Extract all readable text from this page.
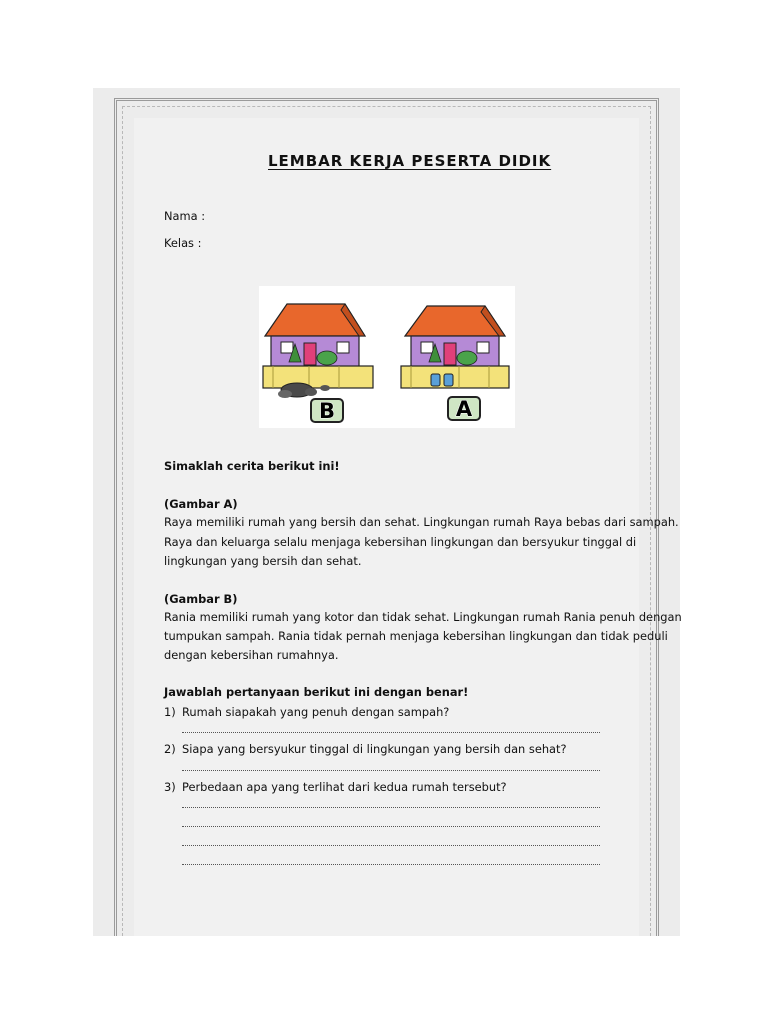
LEMBAR KERJA PESERTA DIDIK
Nama :
Kelas :
B	A
Simaklah cerita berikut ini!
(Gambar A)
Raya memiliki rumah yang bersih dan sehat. Lingkungan rumah Raya bebas dari sampah.
Raya dan keluarga selalu menjaga kebersihan lingkungan dan bersyukur tinggal di
lingkungan yang bersih dan sehat.
(Gambar B)
Rania memiliki rumah yang kotor dan tidak sehat. Lingkungan rumah Rania penuh dengan
tumpukan sampah. Rania tidak pernah menjaga kebersihan lingkungan dan tidak peduli
dengan kebersihan rumahnya.
Jawablah pertanyaan berikut ini dengan benar!
1) Rumah siapakah yang penuh dengan sampah?
2) Siapa yang bersyukur tinggal di lingkungan yang bersih dan sehat?
3) Perbedaan apa yang terlihat dari kedua rumah tersebut?
